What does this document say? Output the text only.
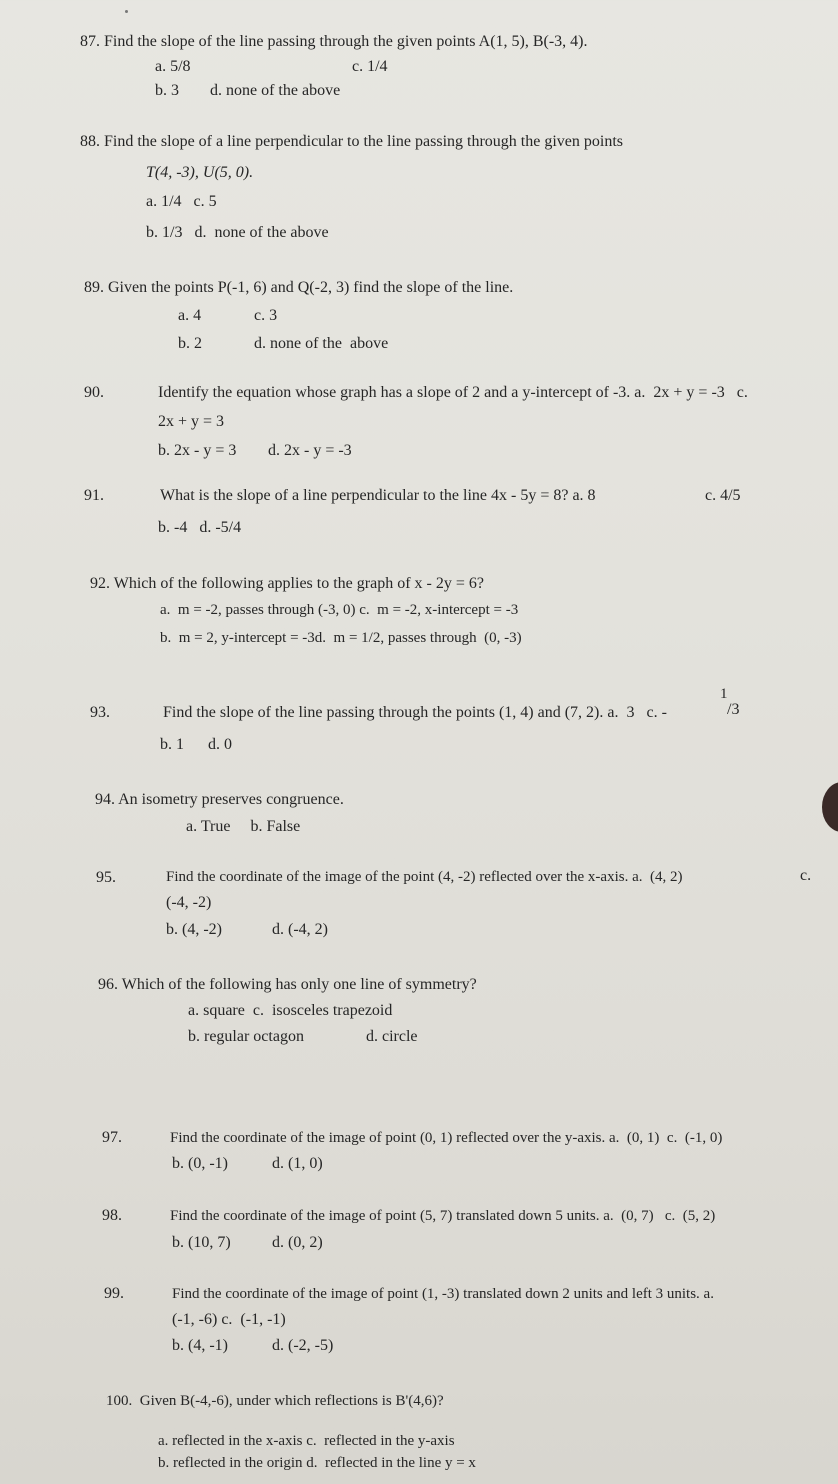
87. Find the slope of the line passing through the given points A(1, 5), B(-3, 4).
a. 5/8	c. 1/4
b. 3 d. none of the above
88. Find the slope of a line perpendicular to the line passing through the given points
T(4, -3), U(5, 0).
a. 1/4   c. 5
b. 1/3   d.  none of the above
89. Given the points P(-1, 6) and Q(-2, 3) find the slope of the line.
a. 4	c. 3
b. 2	d. none of the  above
90.	Identify the equation whose graph has a slope of 2 and a y-intercept of -3. a.  2x + y = -3   c.
2x + y = 3
b. 2x - y = 3 d. 2x - y = -3
91.	What is the slope of a line perpendicular to the line 4x - 5y = 8? a. 8	c. 4/5
b. -4   d. -5/4
92. Which of the following applies to the graph of x - 2y = 6?
a.  m = -2, passes through (-3, 0) c.  m = -2, x-intercept = -3
b.  m = 2, y-intercept = -3d.  m = 1/2, passes through  (0, -3)
93.	Find the slope of the line passing through the points (1, 4) and (7, 2). a.  3   c. -
1
/3
b. 1      d. 0
94. An isometry preserves congruence.
a. True     b. False
95.	Find the coordinate of the image of the point (4, -2) reflected over the x-axis. a.  (4, 2)	c.
(-4, -2)
b. (4, -2)	d. (-4, 2)
96. Which of the following has only one line of symmetry?
a. square  c.  isosceles trapezoid
b. regular octagon	d. circle
97.	Find the coordinate of the image of point (0, 1) reflected over the y-axis. a.  (0, 1)  c.  (-1, 0)
b. (0, -1)	d. (1, 0)
98.	Find the coordinate of the image of point (5, 7) translated down 5 units. a.  (0, 7)   c.  (5, 2)
b. (10, 7)	d. (0, 2)
99.	Find the coordinate of the image of point (1, -3) translated down 2 units and left 3 units. a.
(-1, -6) c.  (-1, -1)
b. (4, -1)	d. (-2, -5)
100.  Given B(-4,-6), under which reflections is B'(4,6)?
a. reflected in the x-axis c.  reflected in the y-axis
b. reflected in the origin d.  reflected in the line y = x
